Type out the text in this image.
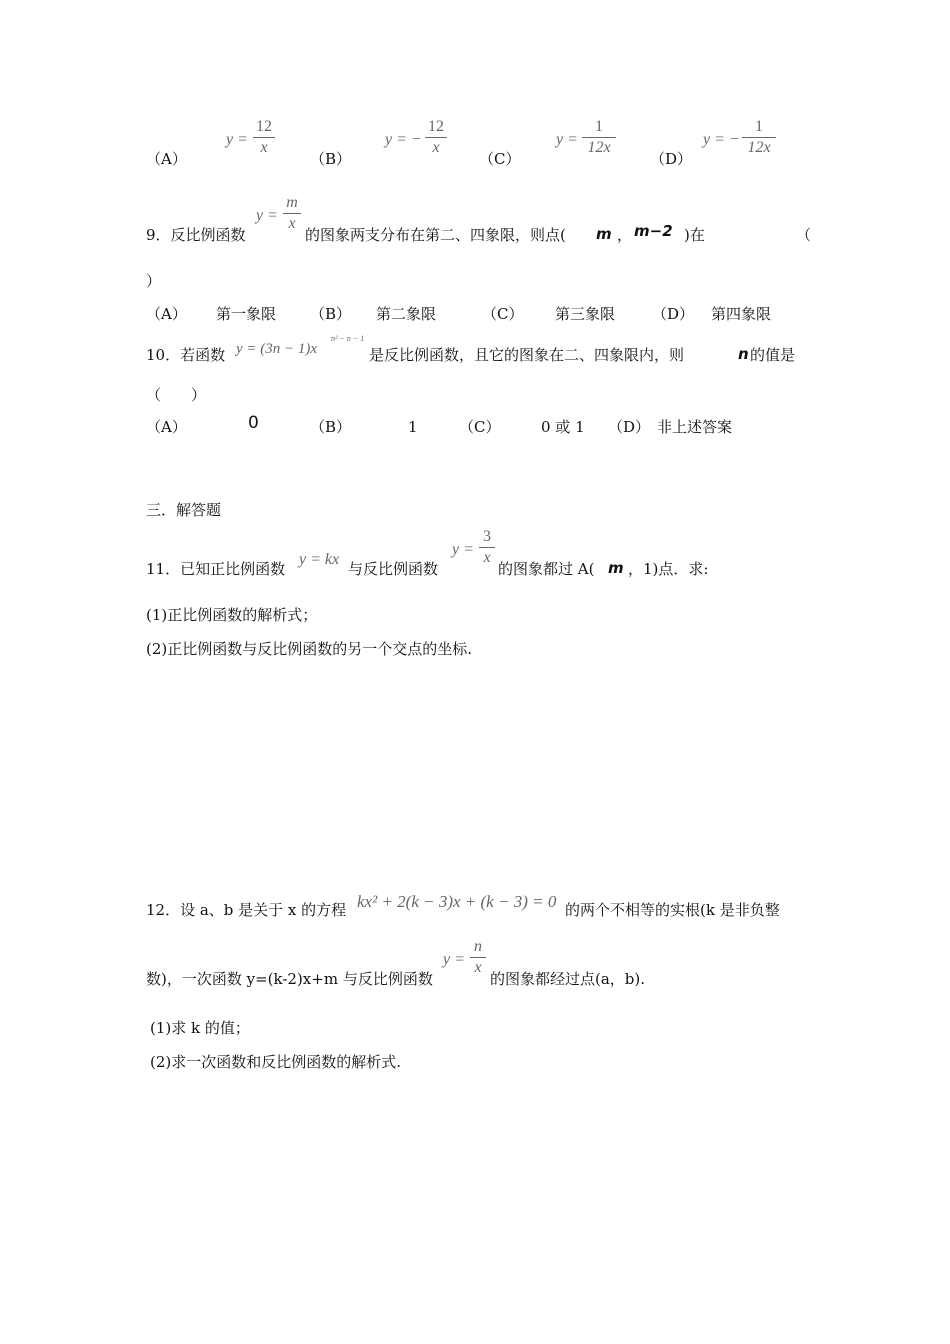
（A）
y =
12
x
（B）
y = −
12
x
（C）
y =
1
12x
（D）
y = −
1
12x
9．反比例函数
y =
m
x
的图象两支分布在第二、四象限，则点( m ， m−2 )在	（
）
（A） 第一象限 （B） 第二象限	（C） 第三象限 （D） 第四象限
10．若函数 y = (3n − 1)x
n² − n − 1
是反比例函数，且它的图象在二、四象限内，则	n 的值是
（　　）
（A）	0	（B）	1	（C）	0 或 1 （D） 非上述答案
三．解答题
11．已知正比例函数
y = kx
与反比例函数
y =
3
x
的图象都过 A( m ，1)点．求:
(1)正比例函数的解析式；
(2)正比例函数与反比例函数的另一个交点的坐标.
12．设 a、b 是关于 x 的方程 kx² + 2(k − 3)x + (k − 3) = 0 的两个不相等的实根(k 是非负整
数)，一次函数 y=(k-2)x+m 与反比例函数
y =
n
x
的图象都经过点(a，b).
(1)求 k 的值；
(2)求一次函数和反比例函数的解析式.
